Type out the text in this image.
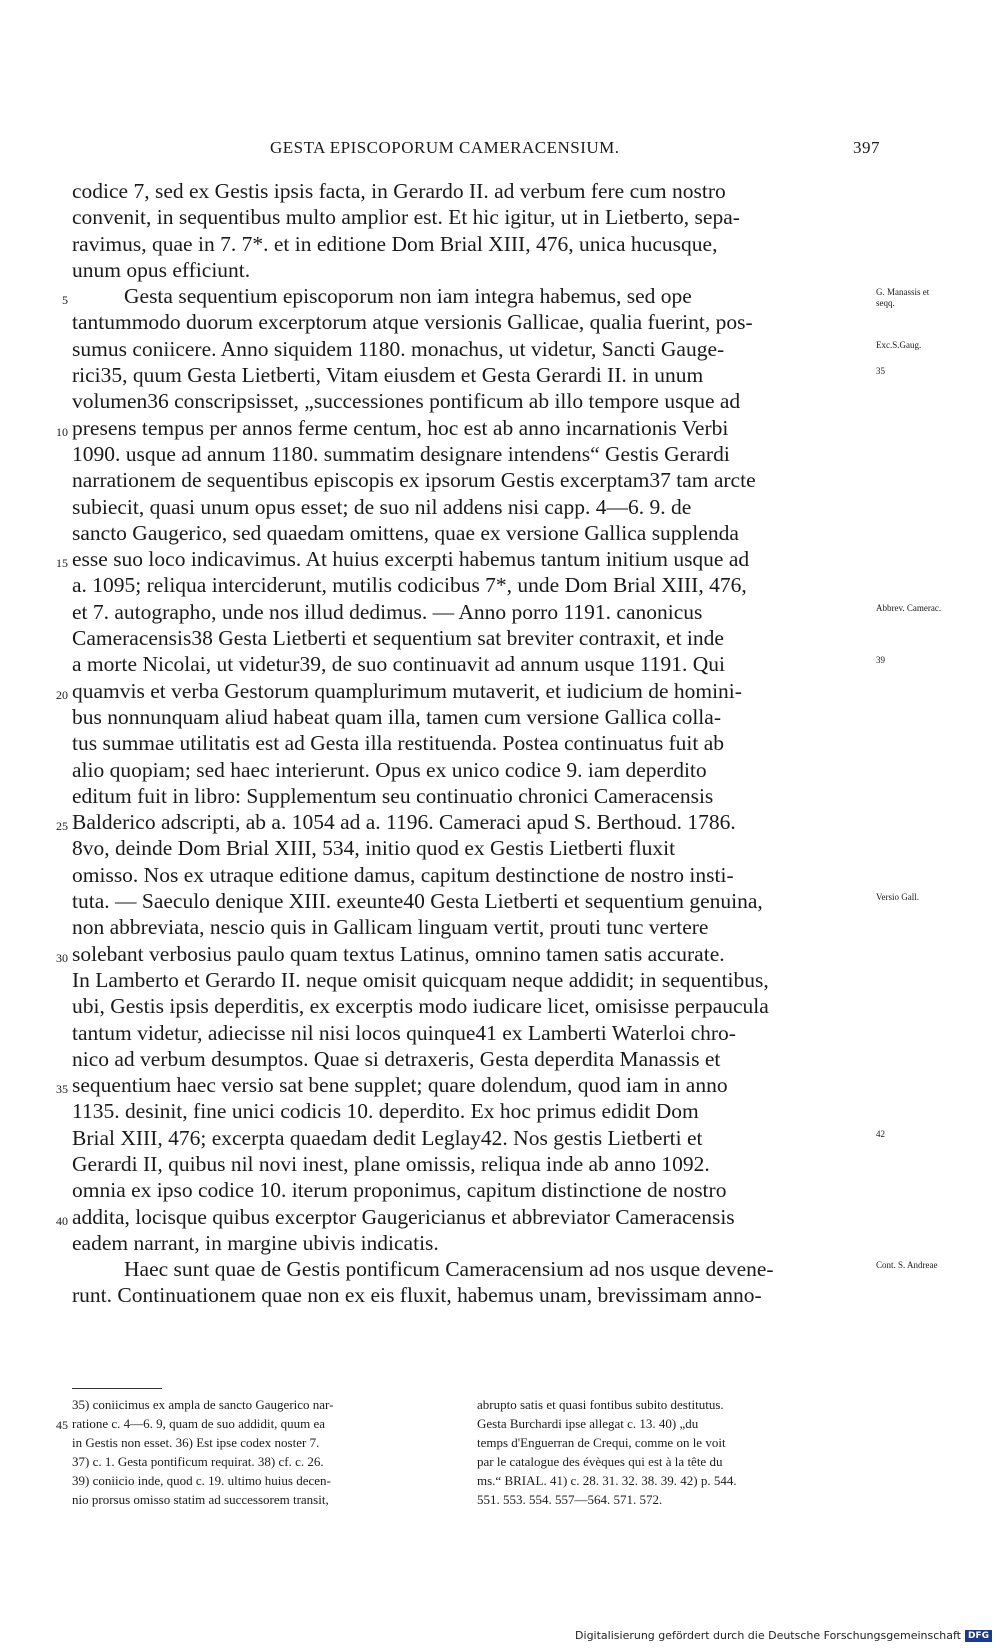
GESTA EPISCOPORUM CAMERACENSIUM.	397
codice 7, sed ex Gestis ipsis facta, in Gerardo II. ad verbum fere cum nostro
convenit, in sequentibus multo amplior est. Et hic igitur, ut in Lietberto, sepa-
ravimus, quae in 7. 7*. et in editione Dom Brial XIII, 476, unica hucusque,
unum opus efficiunt.
Gesta sequentium episcoporum non iam integra habemus, sed ope
5
tantummodo duorum excerptorum atque versionis Gallicae, qualia fuerint, pos-
sumus coniicere. Anno siquidem 1180. monachus, ut videtur, Sancti Gauge-
rici35, quum Gesta Lietberti, Vitam eiusdem et Gesta Gerardi II. in unum
volumen36 conscripsisset, „successiones pontificum ab illo tempore usque ad
presens tempus per annos ferme centum, hoc est ab anno incarnationis Verbi
10
1090. usque ad annum 1180. summatim designare intendens“ Gestis Gerardi
narrationem de sequentibus episcopis ex ipsorum Gestis excerptam37 tam arcte
subiecit, quasi unum opus esset; de suo nil addens nisi capp. 4—6. 9. de
sancto Gaugerico, sed quaedam omittens, quae ex versione Gallica supplenda
esse suo loco indicavimus. At huius excerpti habemus tantum initium usque ad
15
a. 1095; reliqua interciderunt, mutilis codicibus 7*, unde Dom Brial XIII, 476,
et 7. autographo, unde nos illud dedimus. — Anno porro 1191. canonicus
Cameracensis38 Gesta Lietberti et sequentium sat breviter contraxit, et inde
a morte Nicolai, ut videtur39, de suo continuavit ad annum usque 1191. Qui
quamvis et verba Gestorum quamplurimum mutaverit, et iudicium de homini-
20
bus nonnunquam aliud habeat quam illa, tamen cum versione Gallica colla-
tus summae utilitatis est ad Gesta illa restituenda. Postea continuatus fuit ab
alio quopiam; sed haec interierunt. Opus ex unico codice 9. iam deperdito
editum fuit in libro: Supplementum seu continuatio chronici Cameracensis
Balderico adscripti, ab a. 1054 ad a. 1196. Cameraci apud S. Berthoud. 1786.
25
8vo, deinde Dom Brial XIII, 534, initio quod ex Gestis Lietberti fluxit
omisso. Nos ex utraque editione damus, capitum destinctione de nostro insti-
tuta. — Saeculo denique XIII. exeunte40 Gesta Lietberti et sequentium genuina,
non abbreviata, nescio quis in Gallicam linguam vertit, prouti tunc vertere
solebant verbosius paulo quam textus Latinus, omnino tamen satis accurate.
30
In Lamberto et Gerardo II. neque omisit quicquam neque addidit; in sequentibus,
ubi, Gestis ipsis deperditis, ex excerptis modo iudicare licet, omisisse perpaucula
tantum videtur, adiecisse nil nisi locos quinque41 ex Lamberti Waterloi chro-
nico ad verbum desumptos. Quae si detraxeris, Gesta deperdita Manassis et
sequentium haec versio sat bene supplet; quare dolendum, quod iam in anno
35
1135. desinit, fine unici codicis 10. deperdito. Ex hoc primus edidit Dom
Brial XIII, 476; excerpta quaedam dedit Leglay42. Nos gestis Lietberti et
Gerardi II, quibus nil novi inest, plane omissis, reliqua inde ab anno 1092.
omnia ex ipso codice 10. iterum proponimus, capitum distinctione de nostro
addita, locisque quibus excerptor Gaugericianus et abbreviator Cameracensis
40
eadem narrant, in margine ubivis indicatis.
Haec sunt quae de Gestis pontificum Cameracensium ad nos usque devene-
runt. Continuationem quae non ex eis fluxit, habemus unam, brevissimam anno-
G. Manassis et seqq.
Exc.S.Gaug.
35
Abbrev. Camerac.
39
Versio Gall.
42
Cont. S. Andreae
35) coniicimus ex ampla de sancto Gaugerico nar-
ratione c. 4—6. 9, quam de suo addidit, quum ea
45
in Gestis non esset. 36) Est ipse codex noster 7.
37) c. 1. Gesta pontificum requirat. 38) cf. c. 26.
39) coniicio inde, quod c. 19. ultimo huius decen-
nio prorsus omisso statim ad successorem transit,
abrupto satis et quasi fontibus subito destitutus.
Gesta Burchardi ipse allegat c. 13. 40) „du
temps d'Enguerran de Crequi, comme on le voit
par le catalogue des évèques qui est à la tête du
ms.“ BRIAL. 41) c. 28. 31. 32. 38. 39. 42) p. 544.
551. 553. 554. 557—564. 571. 572.
Digitalisierung gefördert durch die Deutsche Forschungsgemeinschaft DFG
